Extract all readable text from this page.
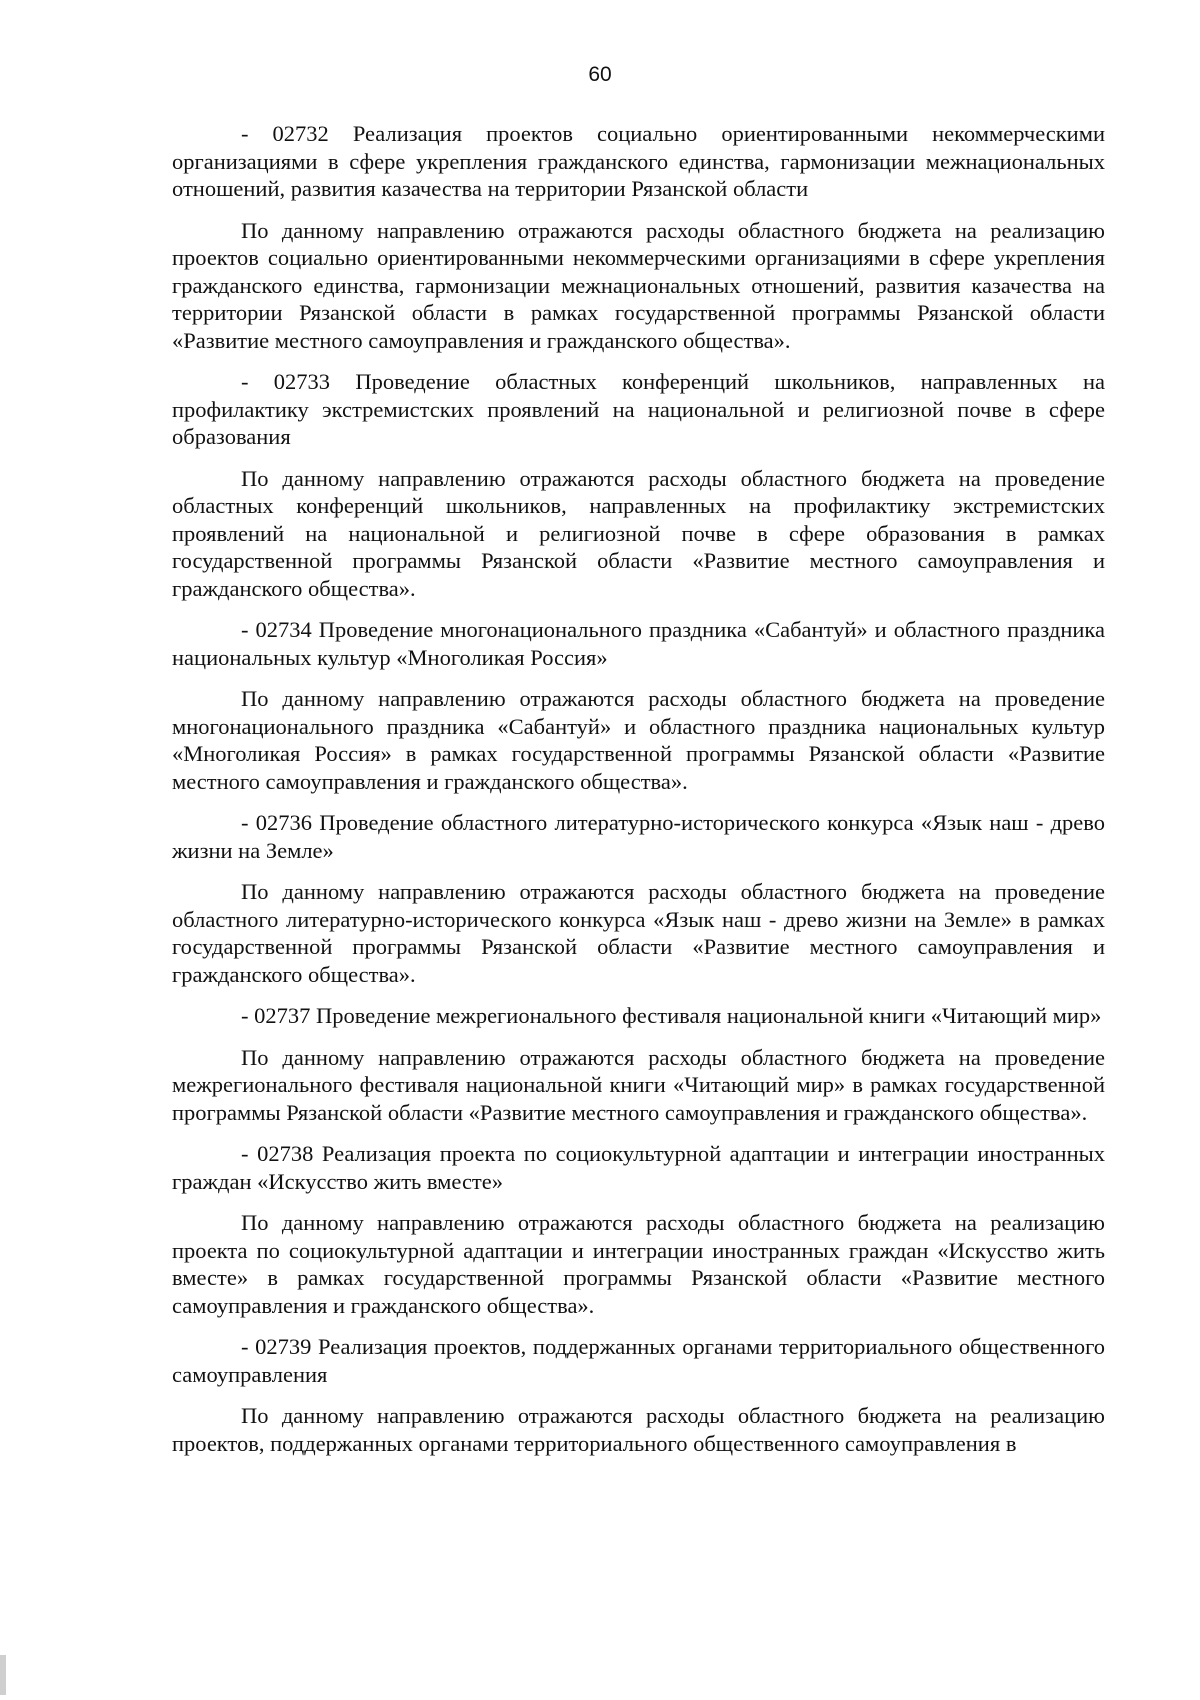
60

- 02732 Реализация проектов социально ориентированными некоммерческими организациями в сфере укрепления гражданского единства, гармонизации межнациональных отношений, развития казачества на территории Рязанской области

По данному направлению отражаются расходы областного бюджета на реализацию проектов социально ориентированными некоммерческими организациями в сфере укрепления гражданского единства, гармонизации межнациональных отношений, развития казачества на территории Рязанской области в рамках государственной программы Рязанской области «Развитие местного самоуправления и гражданского общества».

- 02733 Проведение областных конференций школьников, направленных на профилактику экстремистских проявлений на национальной и религиозной почве в сфере образования

По данному направлению отражаются расходы областного бюджета на проведение областных конференций школьников, направленных на профилактику экстремистских проявлений на национальной и религиозной почве в сфере образования в рамках государственной программы Рязанской области «Развитие местного самоуправления и гражданского общества».

- 02734 Проведение многонационального праздника «Сабантуй» и областного праздника национальных культур «Многоликая Россия»

По данному направлению отражаются расходы областного бюджета на проведение многонационального праздника «Сабантуй» и областного праздника национальных культур «Многоликая Россия» в рамках государственной программы Рязанской области «Развитие местного самоуправления и гражданского общества».

- 02736 Проведение областного литературно-исторического конкурса «Язык наш - древо жизни на Земле»

По данному направлению отражаются расходы областного бюджета на проведение областного литературно-исторического конкурса «Язык наш - древо жизни на Земле» в рамках государственной программы Рязанской области «Развитие местного самоуправления и гражданского общества».

- 02737 Проведение межрегионального фестиваля национальной книги «Читающий мир»

По данному направлению отражаются расходы областного бюджета на проведение межрегионального фестиваля национальной книги «Читающий мир» в рамках государственной программы Рязанской области «Развитие местного самоуправления и гражданского общества».

- 02738 Реализация проекта по социокультурной адаптации и интеграции иностранных граждан «Искусство жить вместе»

По данному направлению отражаются расходы областного бюджета на реализацию проекта по социокультурной адаптации и интеграции иностранных граждан «Искусство жить вместе» в рамках государственной программы Рязанской области «Развитие местного самоуправления и гражданского общества».

- 02739 Реализация проектов, поддержанных органами территориального общественного самоуправления

По данному направлению отражаются расходы областного бюджета на реализацию проектов, поддержанных органами территориального общественного самоуправления в
